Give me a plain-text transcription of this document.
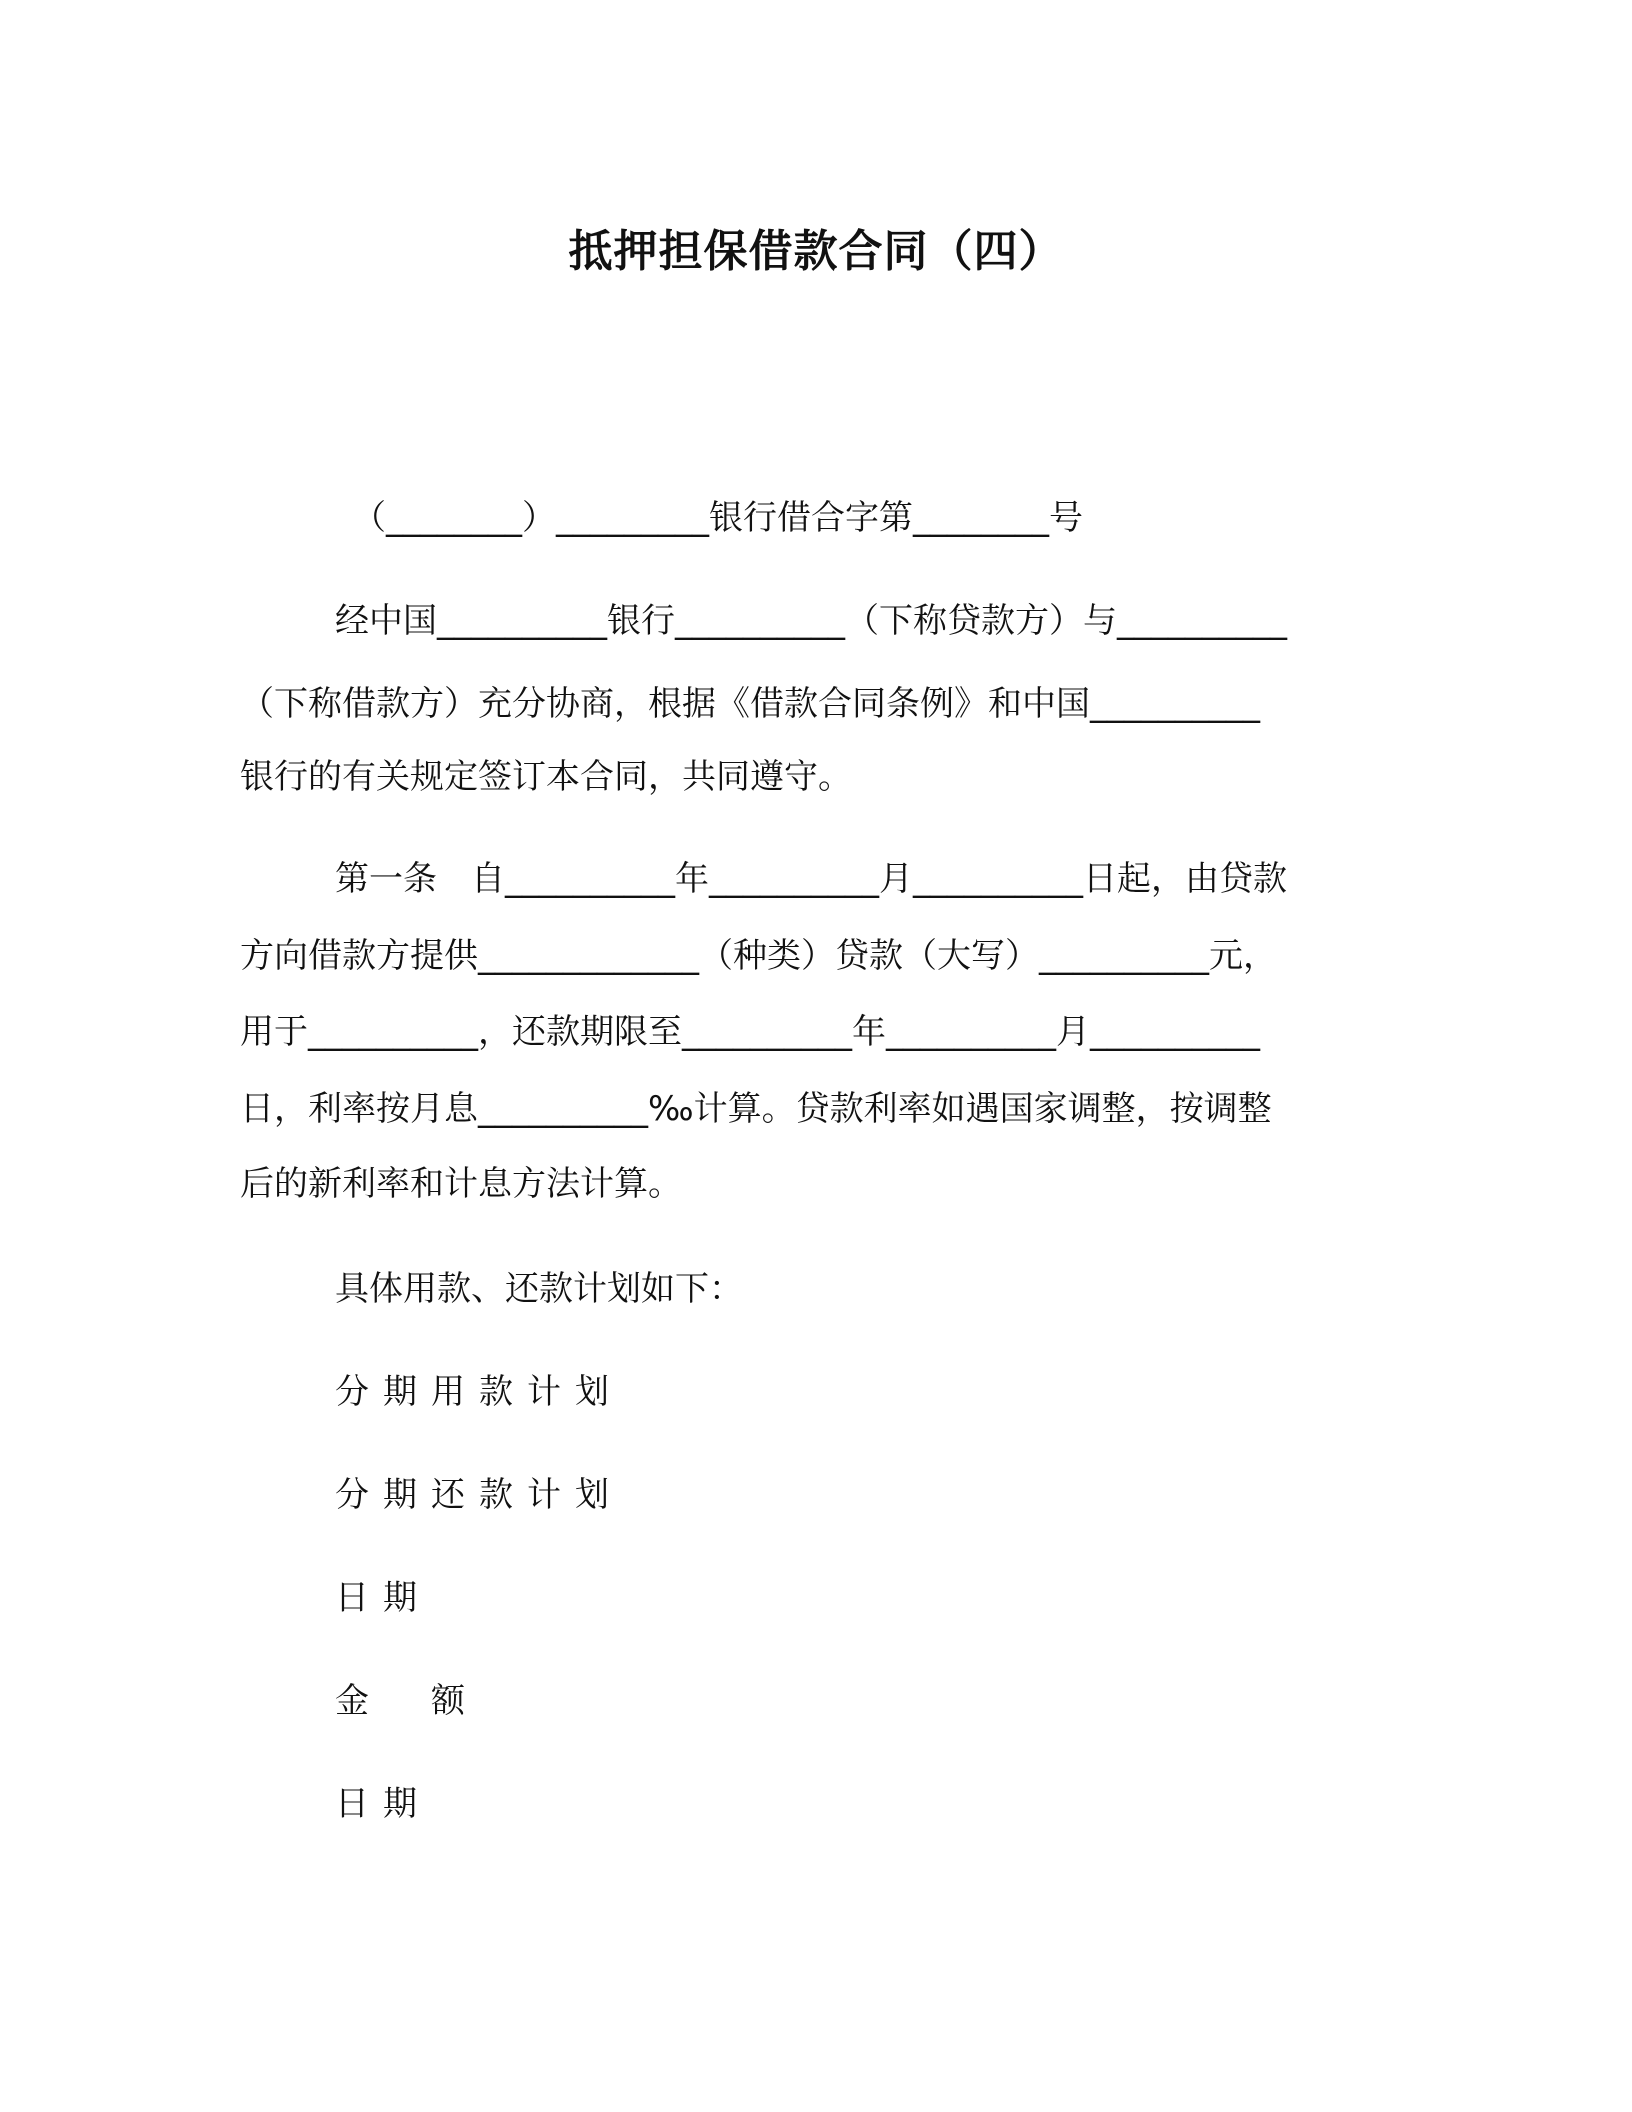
抵押担保借款合同（四）
（________）_________银行借合字第________号
经中国__________银行__________（下称贷款方）与__________
（下称借款方）充分协商，根据《借款合同条例》和中国__________
银行的有关规定签订本合同，共同遵守。
第一条　自__________年__________月__________日起，由贷款
方向借款方提供_____________（种类）贷款（大写）__________元，
用于__________，还款期限至__________年__________月__________
日，利率按月息__________‰计算。贷款利率如遇国家调整，按调整
后的新利率和计息方法计算。
具体用款、还款计划如下：
分期用款计划
分期还款计划
日期
金　额
日期
